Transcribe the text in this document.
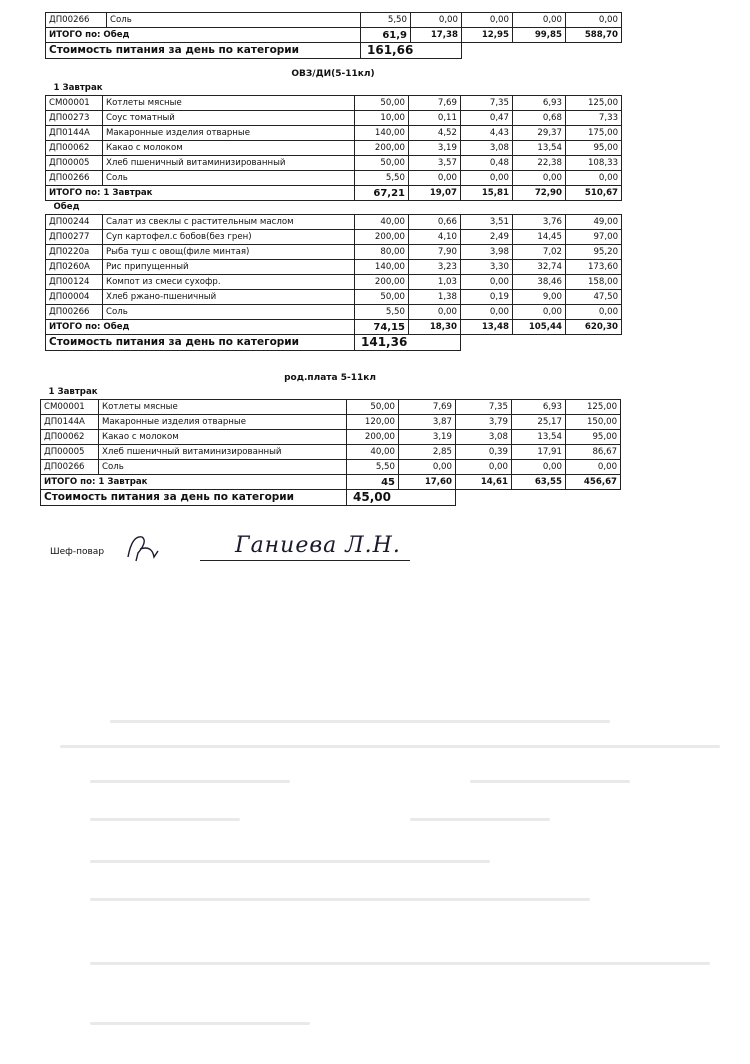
ДП00266	Соль	5,50	0,00	0,00	0,00	0,00
ИТОГО по: Обед		61,9	17,38	12,95	99,85	588,70
Стоимость питания за день по категории		161,66				
ОВЗ/ДИ(5-11кл)
1 Завтрак						
СМ00001	Котлеты мясные	50,00	7,69	7,35	6,93	125,00
ДП00273	Соус томатный	10,00	0,11	0,47	0,68	7,33
ДП0144А	Макаронные изделия отварные	140,00	4,52	4,43	29,37	175,00
ДП00062	Какао с молоком	200,00	3,19	3,08	13,54	95,00
ДП00005	Хлеб пшеничный витаминизированный	50,00	3,57	0,48	22,38	108,33
ДП00266	Соль	5,50	0,00	0,00	0,00	0,00
ИТОГО по: 1 Завтрак		67,21	19,07	15,81	72,90	510,67
Обед						
ДП00244	Салат из свеклы с растительным маслом	40,00	0,66	3,51	3,76	49,00
ДП00277	Суп картофел.с бобов(без грен)	200,00	4,10	2,49	14,45	97,00
ДП0220а	Рыба туш с овощ(филе минтая)	80,00	7,90	3,98	7,02	95,20
ДП0260А	Рис припущенный	140,00	3,23	3,30	32,74	173,60
ДП00124	Компот из смеси сухофр.	200,00	1,03	0,00	38,46	158,00
ДП00004	Хлеб ржано-пшеничный	50,00	1,38	0,19	9,00	47,50
ДП00266	Соль	5,50	0,00	0,00	0,00	0,00
ИТОГО по: Обед		74,15	18,30	13,48	105,44	620,30
Стоимость питания за день по категории		141,36				
род.плата 5-11кл
1 Завтрак						
СМ00001	Котлеты мясные	50,00	7,69	7,35	6,93	125,00
ДП0144А	Макаронные изделия отварные	120,00	3,87	3,79	25,17	150,00
ДП00062	Какао с молоком	200,00	3,19	3,08	13,54	95,00
ДП00005	Хлеб пшеничный витаминизированный	40,00	2,85	0,39	17,91	86,67
ДП00266	Соль	5,50	0,00	0,00	0,00	0,00
ИТОГО по: 1 Завтрак		45	17,60	14,61	63,55	456,67
Стоимость питания за день по категории		45,00				
Шеф-повар	Ганиева Л.Н.
